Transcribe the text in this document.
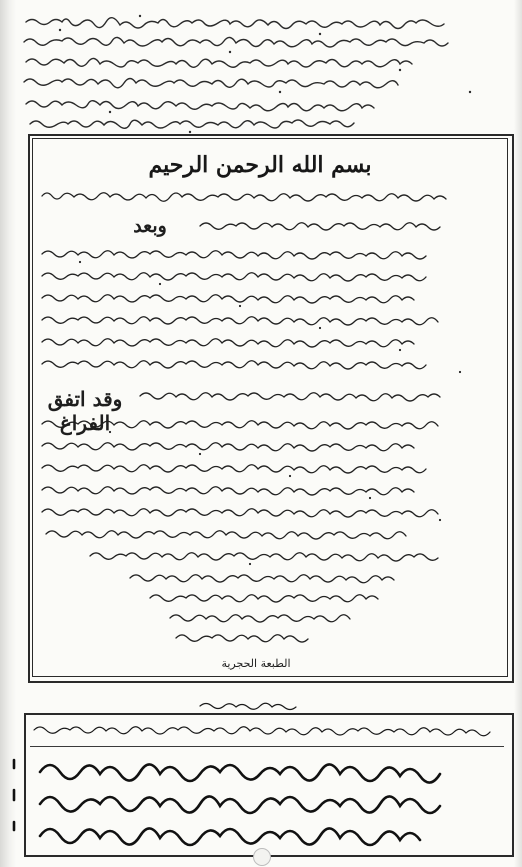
بسم الله الرحمن الرحيم
وبعد
وقد اتفق الفراغ
الطبعة الحجرية
